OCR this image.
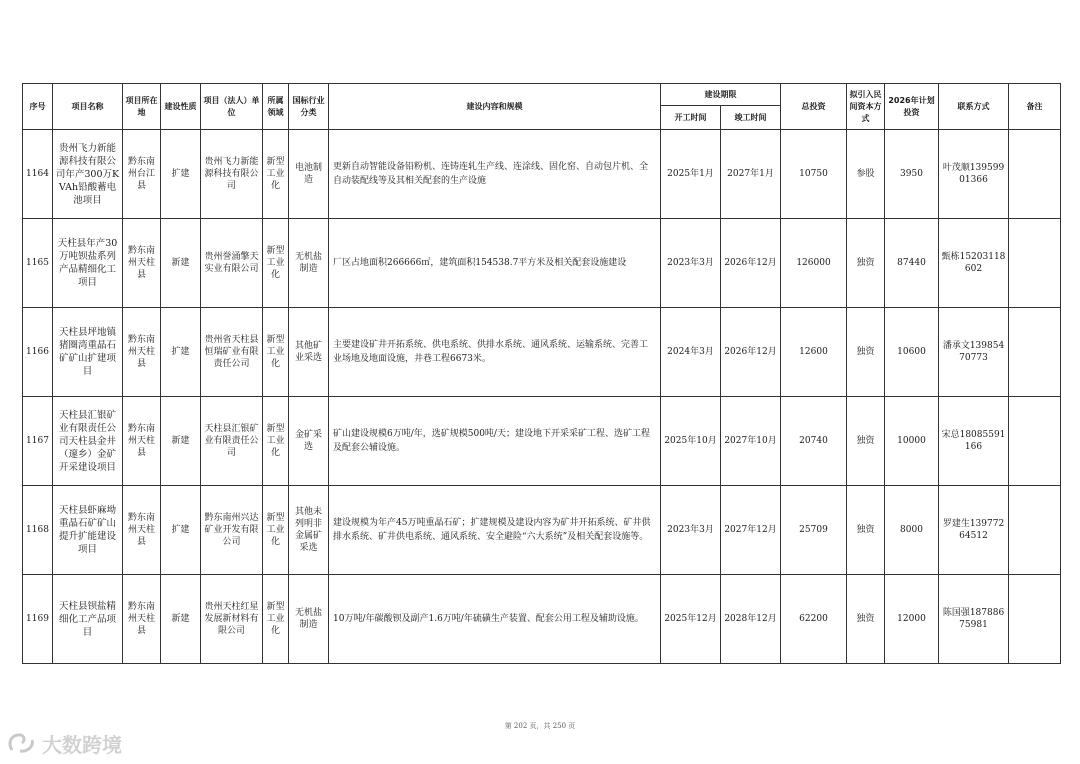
序号	项目名称	项目所在地	建设性质	项目（法人）单位	所属领域	国标行业分类	建设内容和规模	建设期限		总投资	拟引入民间资本方式	2026年计划投资	联系方式	备注
								开工时间	竣工时间					
1164	贵州飞力新能源科技有限公司年产300万KVAh铅酸蓄电池项目	黔东南州台江县	扩建	贵州飞力新能源科技有限公司	新型工业化	电池制造	更新自动智能设备铅粉机、连铸连轧生产线、连涂线、固化窑、自动包片机、全自动装配线等及其相关配套的生产设施	2025年1月	2027年1月	10750	参股	3950	叶茂顺13959901366	
1165	天柱县年产30万吨钡盐系列产品精细化工项目	黔东南州天柱县	新建	贵州誉涌擎天实业有限公司	新型工业化	无机盐制造	厂区占地面积266666㎡，建筑面积154538.7平方米及相关配套设施建设	2023年3月	2026年12月	126000	独资	87440	甄栋15203118602	
1166	天柱县坪地镇猪圈湾重晶石矿矿山扩建项目	黔东南州天柱县	扩建	贵州省天柱县恒瑞矿业有限责任公司	新型工业化	其他矿业采选	主要建设矿井开拓系统、供电系统、供排水系统、通风系统、运输系统、完善工业场地及地面设施，井巷工程6673米。	2024年3月	2026年12月	12600	独资	10600	潘承文13985470773	
1167	天柱县汇银矿业有限责任公司天柱县金井（邃乡）金矿开采建设项目	黔东南州天柱县	新建	天柱县汇银矿业有限责任公司	新型工业化	金矿采选	矿山建设规模6万吨/年，选矿规模500吨/天；建设地下开采采矿工程、选矿工程及配套公辅设施。	2025年10月	2027年10月	20740	独资	10000	宋总18085591166	
1168	天柱县虾麻坳重晶石矿矿山提升扩能建设项目	黔东南州天柱县	扩建	黔东南州兴达矿业开发有限公司	新型工业化	其他未列明非金属矿采选	建设规模为年产45万吨重晶石矿；扩建规模及建设内容为矿井开拓系统、矿井供排水系统、矿井供电系统、通风系统、安全避险“六大系统”及相关配套设施等。	2023年3月	2027年12月	25709	独资	8000	罗建生13977264512	
1169	天柱县钡盐精细化工产品项目	黔东南州天柱县	新建	贵州天柱红星发展新材料有限公司	新型工业化	无机盐制造	10万吨/年碳酸钡及副产1.6万吨/年硫磺生产装置、配套公用工程及辅助设施。	2025年12月	2028年12月	62200	独资	12000	陈国强18788675981	
第 202 页，共 250 页
大数跨境
